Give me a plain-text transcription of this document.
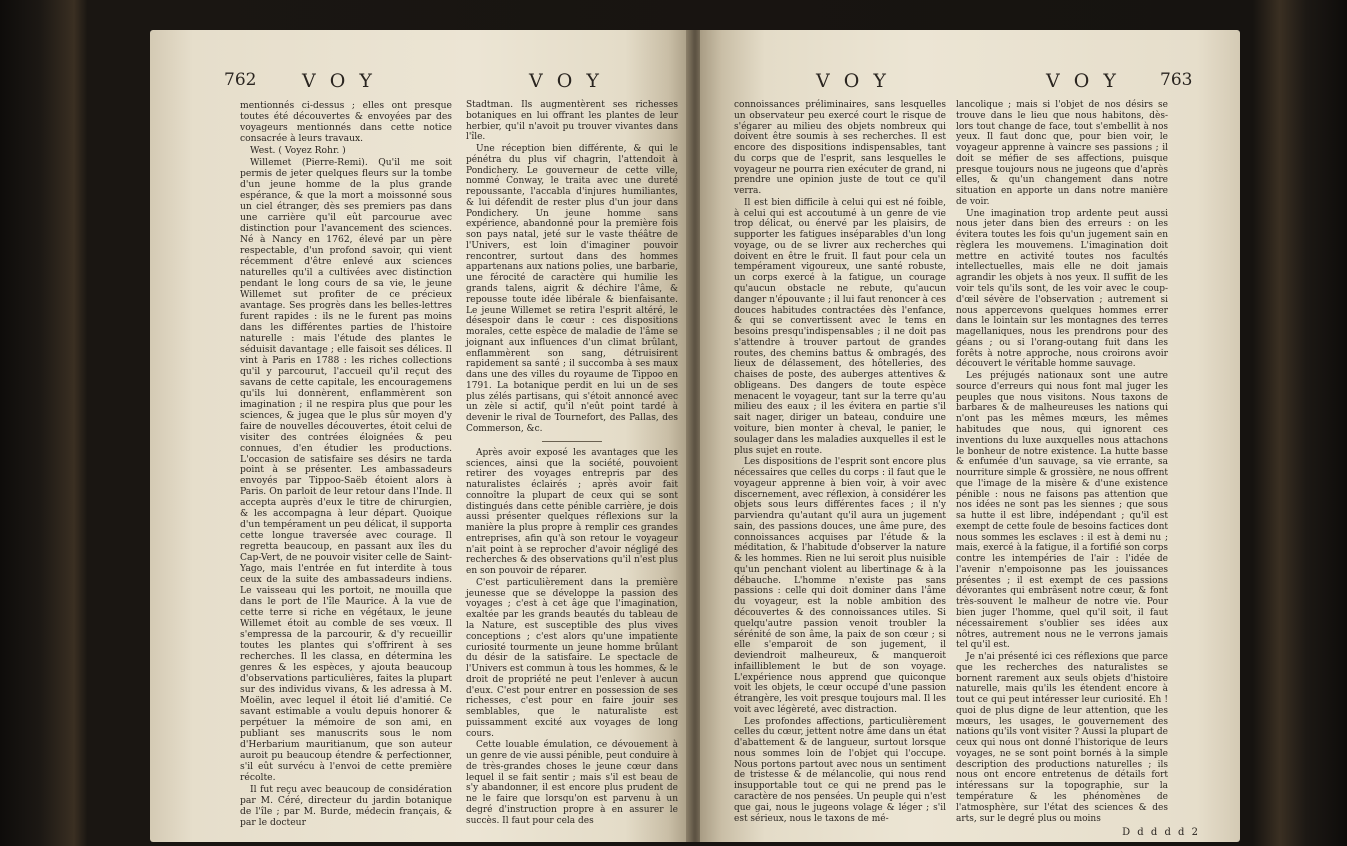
762 V O Y	V O Y

mentionnés ci-dessus ; elles ont presque toutes été découvertes & envoyées par des voyageurs mentionnés dans cette notice consacrée à leurs travaux.

West. ( Voyez Rohr. )

Willemet (Pierre-Remi). Qu'il me soit permis de jeter quelques fleurs sur la tombe d'un jeune homme de la plus grande espérance, & que la mort a moissonné sous un ciel étranger, dès ses premiers pas dans une carrière qu'il eût parcourue avec distinction pour l'avancement des sciences. Né à Nancy en 1762, élevé par un père respectable, d'un profond savoir, qui vient récemment d'être enlevé aux sciences naturelles qu'il a cultivées avec distinction pendant le long cours de sa vie, le jeune Willemet sut profiter de ce précieux avantage. Ses progrès dans les belles-lettres furent rapides : ils ne le furent pas moins dans les différentes parties de l'histoire naturelle : mais l'étude des plantes le séduisit davantage ; elle faisoit ses délices. Il vint à Paris en 1788 : les riches collections qu'il y parcourut, l'accueil qu'il reçut des savans de cette capitale, les encouragemens qu'ils lui donnèrent, enflammèrent son imagination ; il ne respira plus que pour les sciences, & jugea que le plus sûr moyen d'y faire de nouvelles découvertes, étoit celui de visiter des contrées éloignées & peu connues, d'en étudier les productions. L'occasion de satisfaire ses désirs ne tarda point à se présenter. Les ambassadeurs envoyés par Tippoo-Saëb étoient alors à Paris. On parloit de leur retour dans l'Inde. Il accepta auprès d'eux le titre de chirurgien, & les accompagna à leur départ. Quoique d'un tempérament un peu délicat, il supporta cette longue traversée avec courage. Il regretta beaucoup, en passant aux îles du Cap-Vert, de ne pouvoir visiter celle de Saint-Yago, mais l'entrée en fut interdite à tous ceux de la suite des ambassadeurs indiens. Le vaisseau qui les portoit, ne mouilla que dans le port de l'île Maurice. À la vue de cette terre si riche en végétaux, le jeune Willemet étoit au comble de ses vœux. Il s'empressa de la parcourir, & d'y recueillir toutes les plantes qui s'offrirent à ses recherches. Il les classa, en détermina les genres & les espèces, y ajouta beaucoup d'observations particulières, faites la plupart sur des individus vivans, & les adressa à M. Moëlin, avec lequel il étoit lié d'amitié. Ce savant estimable a voulu depuis honorer & perpétuer la mémoire de son ami, en publiant ses manuscrits sous le nom d'Herbarium mauritianum, que son auteur auroit pu beaucoup étendre & perfectionner, s'il eût survécu à l'envoi de cette première récolte.

Il fut reçu avec beaucoup de considération par M. Céré, directeur du jardin botanique de l'île ; par M. Burde, médecin français, & par le docteur

Stadtman. Ils augmentèrent ses richesses botaniques en lui offrant les plantes de leur herbier, qu'il n'avoit pu trouver vivantes dans l'île.

Une réception bien différente, & qui le pénétra du plus vif chagrin, l'attendoit à Pondichery. Le gouverneur de cette ville, nommé Conway, le traita avec une dureté repoussante, l'accabla d'injures humiliantes, & lui défendit de rester plus d'un jour dans Pondichery. Un jeune homme sans expérience, abandonné pour la première fois son pays natal, jeté sur le vaste théâtre de l'Univers, est loin d'imaginer pouvoir rencontrer, surtout dans des hommes appartenans aux nations polies, une barbarie, une férocité de caractère qui humilie les grands talens, aigrit & déchire l'âme, & repousse toute idée libérale & bienfaisante. Le jeune Willemet se retira l'esprit altéré, le désespoir dans le cœur : ces dispositions morales, cette espèce de maladie de l'âme se joignant aux influences d'un climat brûlant, enflammèrent son sang, détruisirent rapidement sa santé ; il succomba à ses maux dans une des villes du royaume de Tippoo en 1791. La botanique perdit en lui un de ses plus zélés partisans, qui s'étoit annoncé avec un zèle si actif, qu'il n'eût point tardé à devenir le rival de Tournefort, des Pallas, des Commerson, &c.

Après avoir exposé les avantages que les sciences, ainsi que la société, pouvoient retirer des voyages entrepris par des naturalistes éclairés ; après avoir fait connoître la plupart de ceux qui se sont distingués dans cette pénible carrière, je dois aussi présenter quelques réflexions sur la manière la plus propre à remplir ces grandes entreprises, afin qu'à son retour le voyageur n'ait point à se reprocher d'avoir négligé des recherches & des observations qu'il n'est plus en son pouvoir de réparer.

C'est particulièrement dans la première jeunesse que se développe la passion des voyages ; c'est à cet âge que l'imagination, exaltée par les grands beautés du tableau de la Nature, est susceptible des plus vives conceptions ; c'est alors qu'une impatiente curiosité tourmente un jeune homme brûlant du désir de la satisfaire. Le spectacle de l'Univers est commun à tous les hommes, & le droit de propriété ne peut l'enlever à aucun d'eux. C'est pour entrer en possession de ses richesses, c'est pour en faire jouir ses semblables, que le naturaliste est puissamment excité aux voyages de long cours.

Cette louable émulation, ce dévouement à un genre de vie aussi pénible, peut conduire à de très-grandes choses le jeune cœur dans lequel il se fait sentir ; mais s'il est beau de s'y abandonner, il est encore plus prudent de ne le faire que lorsqu'on est parvenu à un degré d'instruction propre à en assurer le succès. Il faut pour cela des

V O Y	V O Y 763

connoissances préliminaires, sans lesquelles un observateur peu exercé court le risque de s'égarer au milieu des objets nombreux qui doivent être soumis à ses recherches. Il est encore des dispositions indispensables, tant du corps que de l'esprit, sans lesquelles le voyageur ne pourra rien exécuter de grand, ni prendre une opinion juste de tout ce qu'il verra.

Il est bien difficile à celui qui est né foible, à celui qui est accoutumé à un genre de vie trop délicat, ou énervé par les plaisirs, de supporter les fatigues inséparables d'un long voyage, ou de se livrer aux recherches qui doivent en être le fruit. Il faut pour cela un tempérament vigoureux, une santé robuste, un corps exercé à la fatigue, un courage qu'aucun obstacle ne rebute, qu'aucun danger n'épouvante ; il lui faut renoncer à ces douces habitudes contractées dès l'enfance, & qui se convertissent avec le tems en besoins presqu'indispensables ; il ne doit pas s'attendre à trouver partout de grandes routes, des chemins battus & ombragés, des lieux de délassement, des hôtelleries, des chaises de poste, des auberges attentives & obligeans. Des dangers de toute espèce menacent le voyageur, tant sur la terre qu'au milieu des eaux ; il les évitera en partie s'il sait nager, diriger un bateau, conduire une voiture, bien monter à cheval, le panier, le soulager dans les maladies auxquelles il est le plus sujet en route.

Les dispositions de l'esprit sont encore plus nécessaires que celles du corps : il faut que le voyageur apprenne à bien voir, à voir avec discernement, avec réflexion, à considérer les objets sous leurs différentes faces ; il n'y parviendra qu'autant qu'il aura un jugement sain, des passions douces, une âme pure, des connoissances acquises par l'étude & la méditation, & l'habitude d'observer la nature & les hommes. Rien ne lui seroit plus nuisible qu'un penchant violent au libertinage & à la débauche. L'homme n'existe pas sans passions : celle qui doit dominer dans l'âme du voyageur, est la noble ambition des découvertes & des connoissances utiles. Si quelqu'autre passion venoit troubler la sérénité de son âme, la paix de son cœur ; si elle s'emparoit de son jugement, il deviendroit malheureux, & manqueroit infailliblement le but de son voyage. L'expérience nous apprend que quiconque voit les objets, le cœur occupé d'une passion étrangère, les voit presque toujours mal. Il les voit avec légèreté, avec distraction.

Les profondes affections, particulièrement celles du cœur, jettent notre âme dans un état d'abattement & de langueur, surtout lorsque nous sommes loin de l'objet qui l'occupe. Nous portons partout avec nous un sentiment de tristesse & de mélancolie, qui nous rend insupportable tout ce qui ne prend pas le caractère de nos pensées. Un peuple qui n'est que gai, nous le jugeons volage & léger ; s'il est sérieux, nous le taxons de mé-

lancolique ; mais si l'objet de nos désirs se trouve dans le lieu que nous habitons, dès-lors tout change de face, tout s'embellit à nos yeux. Il faut donc que, pour bien voir, le voyageur apprenne à vaincre ses passions ; il doit se méfier de ses affections, puisque presque toujours nous ne jugeons que d'après elles, & qu'un changement dans notre situation en apporte un dans notre manière de voir.

Une imagination trop ardente peut aussi nous jeter dans bien des erreurs : on les évitera toutes les fois qu'un jugement sain en règlera les mouvemens. L'imagination doit mettre en activité toutes nos facultés intellectuelles, mais elle ne doit jamais agrandir les objets à nos yeux. Il suffit de les voir tels qu'ils sont, de les voir avec le coup-d'œil sévère de l'observation ; autrement si nous appercevons quelques hommes errer dans le lointain sur les montagnes des terres magellaniques, nous les prendrons pour des géans ; ou si l'orang-outang fuit dans les forêts à notre approche, nous croirons avoir découvert le véritable homme sauvage.

Les préjugés nationaux sont une autre source d'erreurs qui nous font mal juger les peuples que nous visitons. Nous taxons de barbares & de malheureuses les nations qui n'ont pas les mêmes mœurs, les mêmes habitudes que nous, qui ignorent ces inventions du luxe auxquelles nous attachons le bonheur de notre existence. La hutte basse & enfumée d'un sauvage, sa vie errante, sa nourriture simple & grossière, ne nous offrent que l'image de la misère & d'une existence pénible : nous ne faisons pas attention que nos idées ne sont pas les siennes ; que sous sa hutte il est libre, indépendant ; qu'il est exempt de cette foule de besoins factices dont nous sommes les esclaves : il est à demi nu ; mais, exercé à la fatigue, il a fortifié son corps contre les intempéries de l'air : l'idée de l'avenir n'empoisonne pas les jouissances présentes ; il est exempt de ces passions dévorantes qui embrâsent notre cœur, & font très-souvent le malheur de notre vie. Pour bien juger l'homme, quel qu'il soit, il faut nécessairement s'oublier ses idées aux nôtres, autrement nous ne le verrons jamais tel qu'il est.

Je n'ai présenté ici ces réflexions que parce que les recherches des naturalistes se bornent rarement aux seuls objets d'histoire naturelle, mais qu'ils les étendent encore à tout ce qui peut intéresser leur curiosité. Eh ! quoi de plus digne de leur attention, que les mœurs, les usages, le gouvernement des nations qu'ils vont visiter ? Aussi la plupart de ceux qui nous ont donné l'historique de leurs voyages, ne se sont point bornés à la simple description des productions naturelles ; ils nous ont encore entretenus de détails fort intéressans sur la topographie, sur la température & les phénomènes de l'atmosphère, sur l'état des sciences & des arts, sur le degré plus ou moins

D d d d d 2
